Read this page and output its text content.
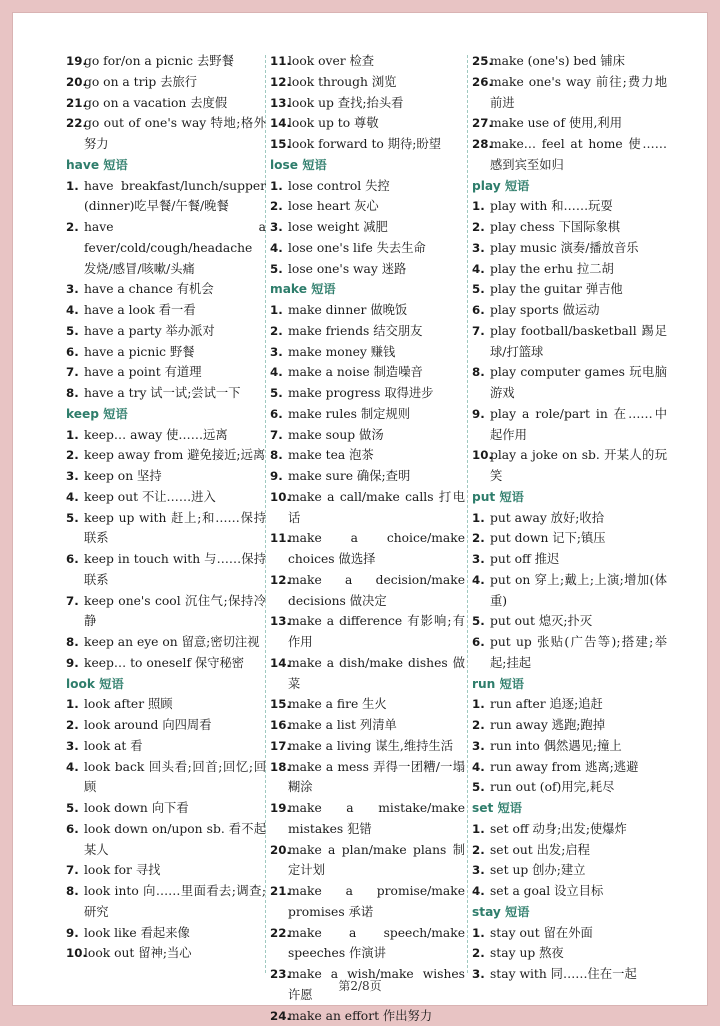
19.
go for/on a picnic 去野餐
20.
go on a trip 去旅行
21.
go on a vacation 去度假
22.
go out of one's way 特地;格外努力
have 短语
1. have breakfast/lunch/supper (dinner)吃早餐/午餐/晚餐
2. have a fever/cold/cough/headache 发烧/感冒/咳嗽/头痛
3. have a chance 有机会
4. have a look 看一看
5. have a party 举办派对
6. have a picnic 野餐
7. have a point 有道理
8. have a try 试一试;尝试一下
keep 短语
1. keep… away 使……远离
2. keep away from 避免接近;远离
3. keep on 坚持
4. keep out 不让……进入
5. keep up with 赶上;和……保持联系
6. keep in touch with 与……保持联系
7. keep one's cool 沉住气;保持冷静
8. keep an eye on 留意;密切注视
9. keep… to oneself 保守秘密
look 短语
1. look after 照顾
2. look around 向四周看
3. look at 看
4. look back 回头看;回首;回忆;回顾
5. look down 向下看
6. look down on/upon sb. 看不起某人
7. look for 寻找
8. look into 向……里面看去;调查;研究
9. look like 看起来像
10.
look out 留神;当心
11.
look over 检查
12.
look through 浏览
13.
look up 查找;抬头看
14.
look up to 尊敬
15.
look forward to 期待;盼望
lose 短语
1. lose control 失控
2. lose heart 灰心
3. lose weight 减肥
4. lose one's life 失去生命
5. lose one's way 迷路
make 短语
1. make dinner 做晚饭
2. make friends 结交朋友
3. make money 赚钱
4. make a noise 制造噪音
5. make progress 取得进步
6. make rules 制定规则
7. make soup 做汤
8. make tea 泡茶
9. make sure 确保;查明
10.
make a call/make calls 打电话
11.
make a choice/make choices 做选择
12.
make a decision/make decisions 做决定
13.
make a difference 有影响;有作用
14.
make a dish/make dishes 做菜
15.
make a fire 生火
16.
make a list 列清单
17.
make a living 谋生,维持生活
18.
make a mess 弄得一团糟/一塌糊涂
19.
make a mistake/make mistakes 犯错
20.
make a plan/make plans 制定计划
21.
make a promise/make promises 承诺
22.
make a speech/make speeches 作演讲
23.
make a wish/make wishes 许愿
24.
make an effort 作出努力
25.
make (one's) bed 铺床
26.
make one's way 前往;费力地前进
27.
make use of 使用,利用
28.
make… feel at home 使……感到宾至如归
play 短语
1. play with 和……玩耍
2. play chess 下国际象棋
3. play music 演奏/播放音乐
4. play the erhu 拉二胡
5. play the guitar 弹吉他
6. play sports 做运动
7. play football/basketball 踢足球/打篮球
8. play computer games 玩电脑游戏
9. play a role/part in 在……中起作用
10.
play a joke on sb. 开某人的玩笑
put 短语
1. put away 放好;收拾
2. put down 记下;镇压
3. put off 推迟
4. put on 穿上;戴上;上演;增加(体重)
5. put out 熄灭;扑灭
6. put up 张贴(广告等);搭建;举起;挂起
run 短语
1. run after 追逐;追赶
2. run away 逃跑;跑掉
3. run into 偶然遇见;撞上
4. run away from 逃离;逃避
5. run out (of)用完,耗尽
set 短语
1. set off 动身;出发;使爆炸
2. set out 出发;启程
3. set up 创办;建立
4. set a goal 设立目标
stay 短语
1. stay out 留在外面
2. stay up 熬夜
3. stay with 同……住在一起
第2/8页
